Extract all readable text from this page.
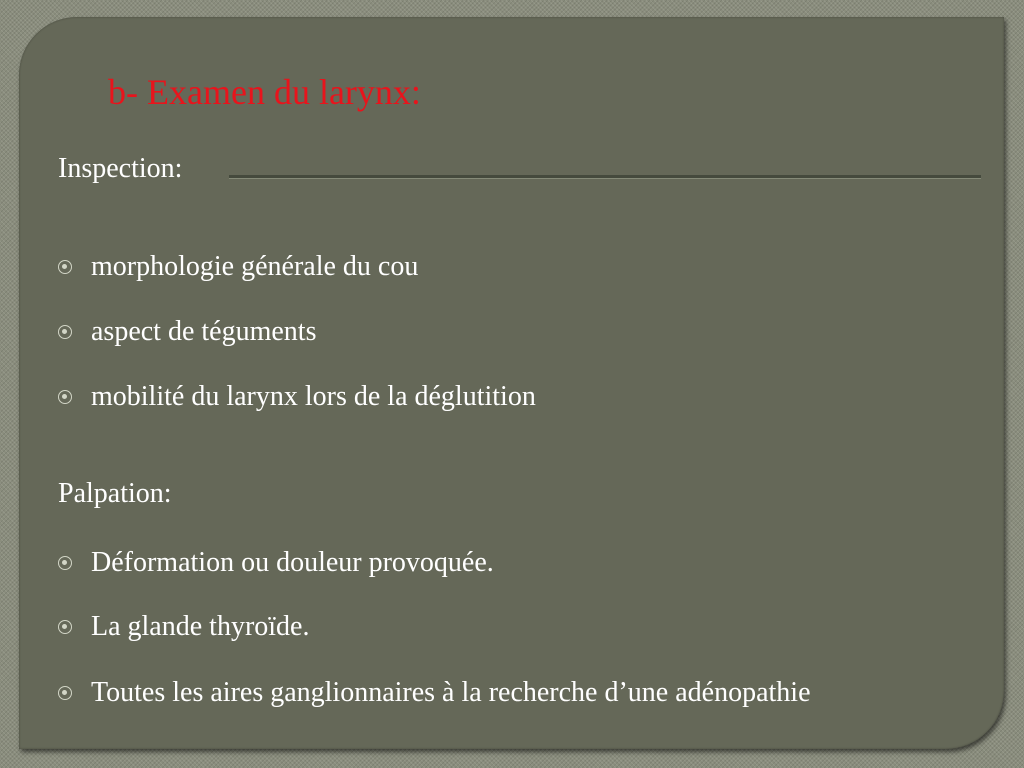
b- Examen du larynx:
Inspection:
morphologie générale du cou
aspect de téguments
mobilité du larynx lors de la déglutition
Palpation:
Déformation ou douleur provoquée.
La glande thyroïde.
Toutes les aires ganglionnaires à la recherche d’une adénopathie
